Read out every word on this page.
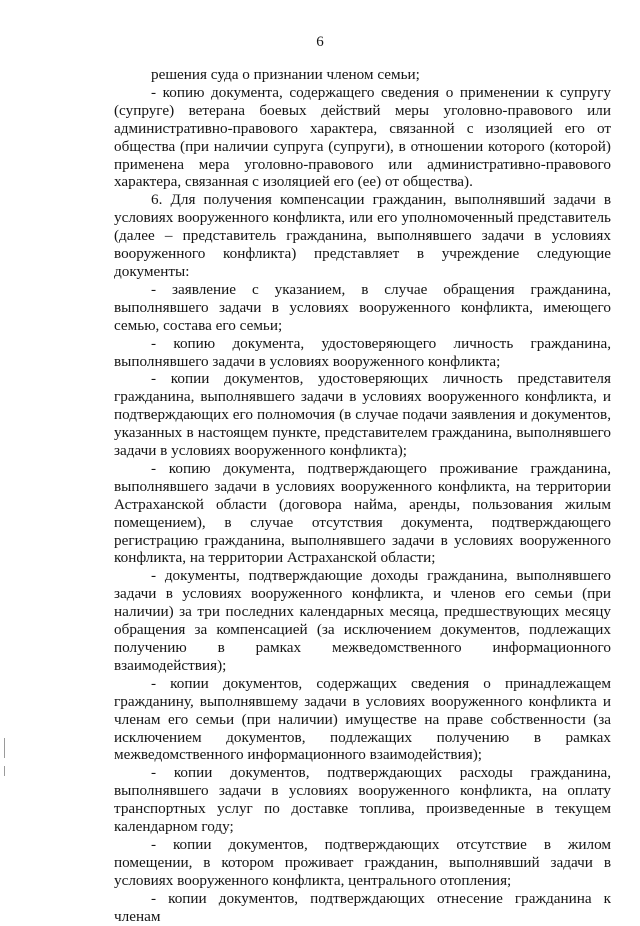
6

решения суда о признании членом семьи;

- копию документа, содержащего сведения о применении к супругу (супруге) ветерана боевых действий меры уголовно-правового или административно-правового характера, связанной с изоляцией его от общества (при наличии супруга (супруги), в отношении которого (которой) применена мера уголовно-правового или административно-правового характера, связанная с изоляцией его (ее) от общества).

6. Для получения компенсации гражданин, выполнявший задачи в условиях вооруженного конфликта, или его уполномоченный представитель (далее – представитель гражданина, выполнявшего задачи в условиях вооруженного конфликта) представляет в учреждение следующие документы:

- заявление с указанием, в случае обращения гражданина, выполнявшего задачи в условиях вооруженного конфликта, имеющего семью, состава его семьи;

- копию документа, удостоверяющего личность гражданина, выполнявшего задачи в условиях вооруженного конфликта;

- копии документов, удостоверяющих личность представителя гражданина, выполнявшего задачи в условиях вооруженного конфликта, и подтверждающих его полномочия (в случае подачи заявления и документов, указанных в настоящем пункте, представителем гражданина, выполнявшего задачи в условиях вооруженного конфликта);

- копию документа, подтверждающего проживание гражданина, выполнявшего задачи в условиях вооруженного конфликта, на территории Астраханской области (договора найма, аренды, пользования жилым помещением), в случае отсутствия документа, подтверждающего регистрацию гражданина, выполнявшего задачи в условиях вооруженного конфликта, на территории Астраханской области;

- документы, подтверждающие доходы гражданина, выполнявшего задачи в условиях вооруженного конфликта, и членов его семьи (при наличии) за три последних календарных месяца, предшествующих месяцу обращения за компенсацией (за исключением документов, подлежащих получению в рамках межведомственного информационного взаимодействия);

- копии документов, содержащих сведения о принадлежащем гражданину, выполнявшему задачи в условиях вооруженного конфликта и членам его семьи (при наличии) имуществе на праве собственности (за исключением документов, подлежащих получению в рамках межведомственного информационного взаимодействия);

- копии документов, подтверждающих расходы гражданина, выполнявшего задачи в условиях вооруженного конфликта, на оплату транспортных услуг по доставке топлива, произведенные в текущем календарном году;

- копии документов, подтверждающих отсутствие в жилом помещении, в котором проживает гражданин, выполнявший задачи в условиях вооруженного конфликта, центрального отопления;

- копии документов, подтверждающих отнесение гражданина к членам
